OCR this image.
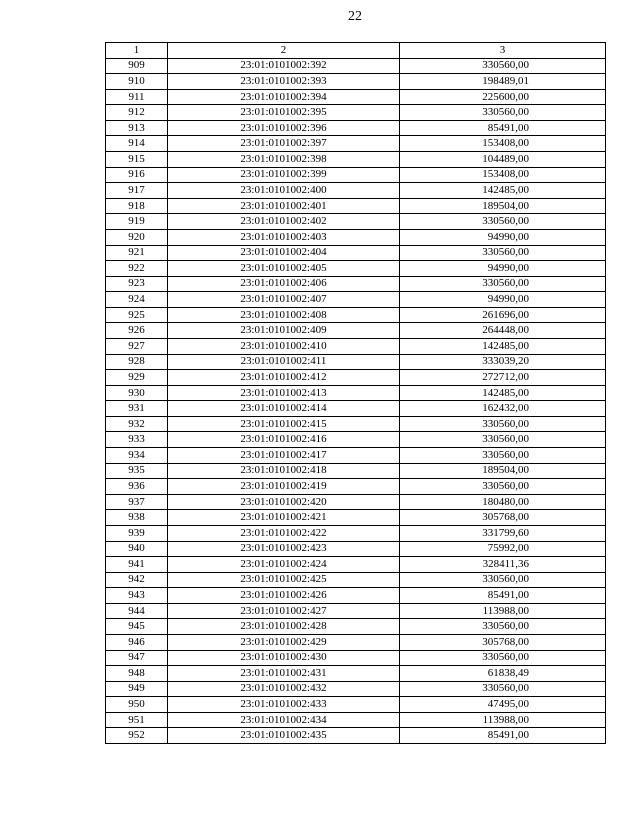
22
1	2	3
909	23:01:0101002:392	330560,00
910	23:01:0101002:393	198489,01
911	23:01:0101002:394	225600,00
912	23:01:0101002:395	330560,00
913	23:01:0101002:396	85491,00
914	23:01:0101002:397	153408,00
915	23:01:0101002:398	104489,00
916	23:01:0101002:399	153408,00
917	23:01:0101002:400	142485,00
918	23:01:0101002:401	189504,00
919	23:01:0101002:402	330560,00
920	23:01:0101002:403	94990,00
921	23:01:0101002:404	330560,00
922	23:01:0101002:405	94990,00
923	23:01:0101002:406	330560,00
924	23:01:0101002:407	94990,00
925	23:01:0101002:408	261696,00
926	23:01:0101002:409	264448,00
927	23:01:0101002:410	142485,00
928	23:01:0101002:411	333039,20
929	23:01:0101002:412	272712,00
930	23:01:0101002:413	142485,00
931	23:01:0101002:414	162432,00
932	23:01:0101002:415	330560,00
933	23:01:0101002:416	330560,00
934	23:01:0101002:417	330560,00
935	23:01:0101002:418	189504,00
936	23:01:0101002:419	330560,00
937	23:01:0101002:420	180480,00
938	23:01:0101002:421	305768,00
939	23:01:0101002:422	331799,60
940	23:01:0101002:423	75992,00
941	23:01:0101002:424	328411,36
942	23:01:0101002:425	330560,00
943	23:01:0101002:426	85491,00
944	23:01:0101002:427	113988,00
945	23:01:0101002:428	330560,00
946	23:01:0101002:429	305768,00
947	23:01:0101002:430	330560,00
948	23:01:0101002:431	61838,49
949	23:01:0101002:432	330560,00
950	23:01:0101002:433	47495,00
951	23:01:0101002:434	113988,00
952	23:01:0101002:435	85491,00
